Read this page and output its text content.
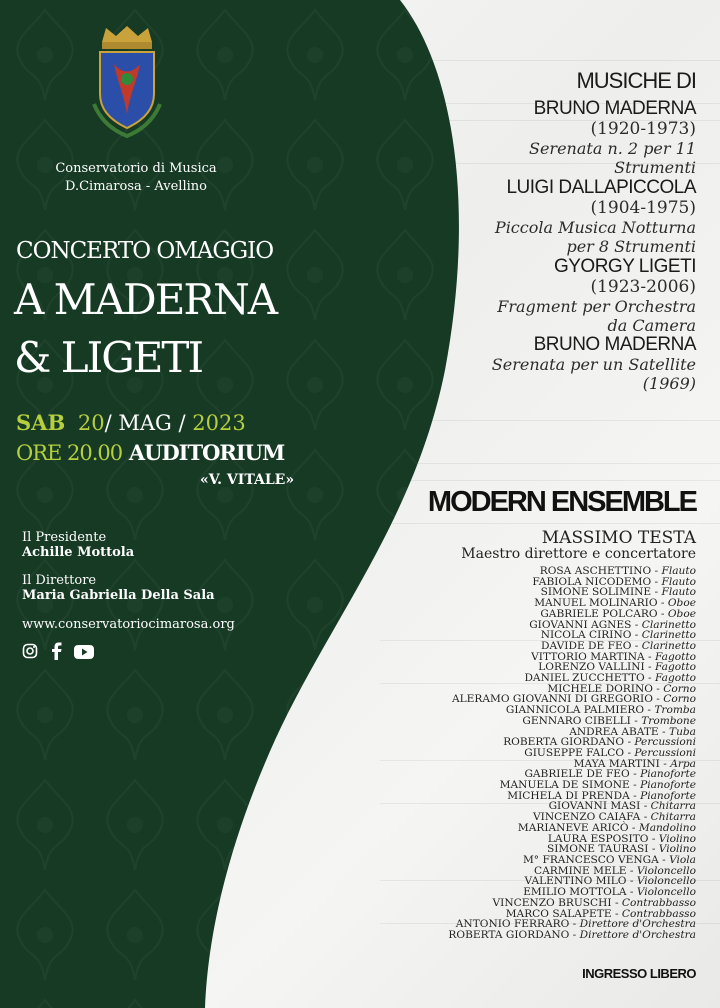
Conservatorio di Musica
D.Cimarosa - Avellino
CONCERTO OMAGGIO
A MADERNA
& LIGETI
SAB 20/ MAG / 2023
ORE 20.00 AUDITORIUM
«V. VITALE»
Il Presidente
Achille Mottola
Il Direttore
Maria Gabriella Della Sala
www.conservatoriocimarosa.org

MUSICHE DI
BRUNO MADERNA
(1920-1973)
Serenata n. 2 per 11
Strumenti
LUIGI DALLAPICCOLA
(1904-1975)
Piccola Musica Notturna
per 8 Strumenti
GYORGY LIGETI
(1923-2006)
Fragment per Orchestra
da Camera
BRUNO MADERNA
Serenata per un Satellite
(1969)
MODERN ENSEMBLE
MASSIMO TESTA
Maestro direttore e concertatore
ROSA ASCHETTINO - Flauto
FABIOLA NICODEMO - Flauto
SIMONE SOLIMINE - Flauto
MANUEL MOLINARIO - Oboe
GABRIELE POLCARO - Oboe
GIOVANNI AGNES - Clarinetto
NICOLA CIRINO - Clarinetto
DAVIDE DE FEO - Clarinetto
VITTORIO MARTINA - Fagotto
LORENZO VALLINI - Fagotto
DANIEL ZUCCHETTO - Fagotto
MICHELE DORINO - Corno
ALERAMO GIOVANNI DI GREGORIO - Corno
GIANNICOLA PALMIERO - Tromba
GENNARO CIBELLI - Trombone
ANDREA ABATE - Tuba
ROBERTA GIORDANO - Percussioni
GIUSEPPE FALCO - Percussioni
MAYA MARTINI - Arpa
GABRIELE DE FEO - Pianoforte
MANUELA DE SIMONE - Pianoforte
MICHELA DI PRENDA - Pianoforte
GIOVANNI MASI - Chitarra
VINCENZO CAIAFA - Chitarra
MARIANEVE ARICÒ - Mandolino
LAURA ESPOSITO - Violino
SIMONE TAURASI - Violino
M° FRANCESCO VENGA - Viola
CARMINE MELE - Violoncello
VALENTINO MILO - Violoncello
EMILIO MOTTOLA - Violoncello
VINCENZO BRUSCHI - Contrabbasso
MARCO SALAPETE - Contrabbasso
ANTONIO FERRARO - Direttore d'Orchestra
ROBERTA GIORDANO - Direttore d'Orchestra
INGRESSO LIBERO
